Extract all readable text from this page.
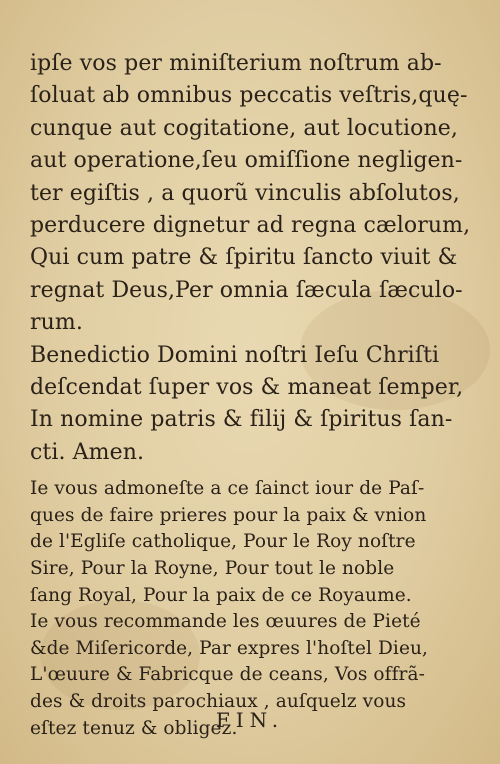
ipſe vos per miniſterium noſtrum ab-
ſoluat ab omnibus peccatis veſtris,quę-
cunque aut cogitatione, aut locutione,
aut operatione,ſeu omiſſione negligen-
ter egiſtis , a quorũ vinculis abſolutos,
perducere dignetur ad regna cælorum,
Qui cum patre & ſpiritu ſancto viuit &
regnat Deus,Per omnia ſæcula ſæculo-
rum.
Benedictio Domini noſtri Ieſu Chriſti
deſcendat ſuper vos & maneat ſemper,
In nomine patris & filij & ſpiritus ſan-
cti. Amen.
Ie vous admoneſte a ce ſainct iour de Paſ-
ques de faire prieres pour la paix & vnion
de l'Egliſe catholique, Pour le Roy noſtre
Sire, Pour la Royne, Pour tout le noble
ſang Royal, Pour la paix de ce Royaume.
Ie vous recommande les œuures de Pieté
&de Miſericorde, Par expres l'hoſtel Dieu,
L'œuure & Fabricque de ceans, Vos offrã-
des & droits parochiaux , auſquelz vous
eſtez tenuz & obligez.
FIN.
